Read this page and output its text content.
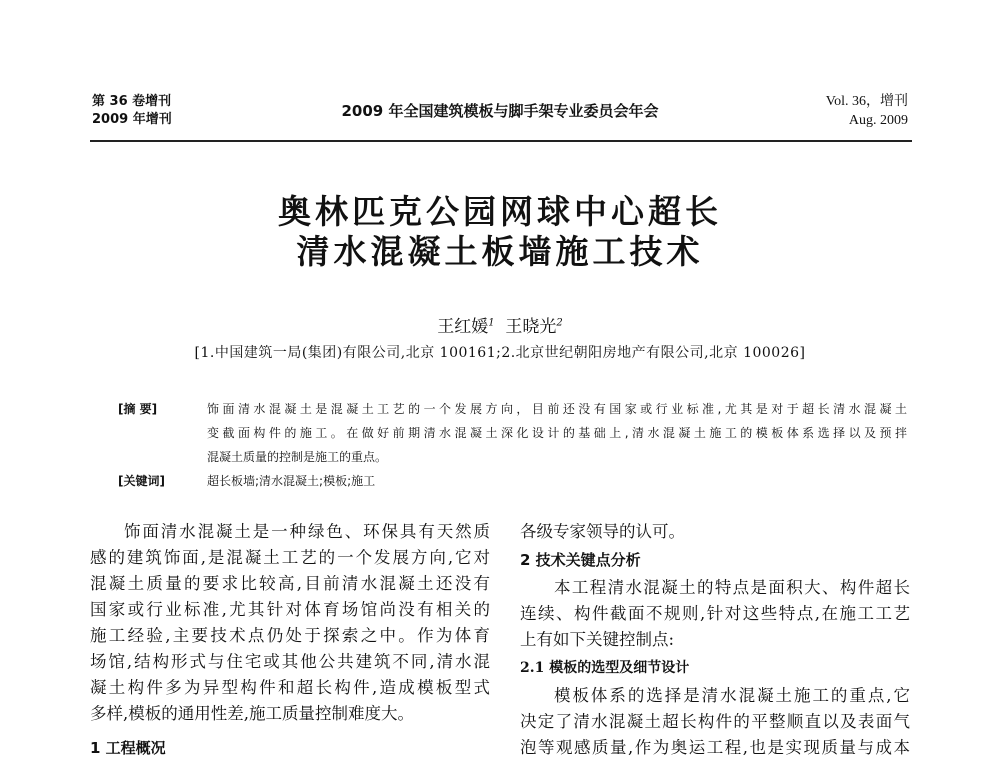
第 36 卷增刊
2009 年增刊	2009 年全国建筑模板与脚手架专业委员会年会
Vol. 36，增刊
Aug. 2009
奥林匹克公园网球中心超长
清水混凝土板墙施工技术
王红媛$^1$ 王晓光$^2$
[1.中国建筑一局(集团)有限公司,北京 100161;2.北京世纪朝阳房地产有限公司,北京 100026]
[摘 要]	饰面清水混凝土是混凝土工艺的一个发展方向，目前还没有国家或行业标准,尤其是对于超长清水混凝土
变截面构件的施工。在做好前期清水混凝土深化设计的基础上,清水混凝土施工的模板体系选择以及预拌
混凝土质量的控制是施工的重点。
[关键词]	超长板墙;清水混凝土;模板;施工
饰面清水混凝土是一种绿色、环保具有天然质
感的建筑饰面,是混凝土工艺的一个发展方向,它对
混凝土质量的要求比较高,目前清水混凝土还没有
国家或行业标准,尤其针对体育场馆尚没有相关的
施工经验,主要技术点仍处于探索之中。作为体育
场馆,结构形式与住宅或其他公共建筑不同,清水混
凝土构件多为异型构件和超长构件,造成模板型式
多样,模板的通用性差,施工质量控制难度大。
1 工程概况
各级专家领导的认可。
2 技术关键点分析
本工程清水混凝土的特点是面积大、构件超长
连续、构件截面不规则,针对这些特点,在施工工艺
上有如下关键控制点:
2.1 模板的选型及细节设计
模板体系的选择是清水混凝土施工的重点,它
决定了清水混凝土超长构件的平整顺直以及表面气
泡等观感质量,作为奥运工程,也是实现质量与成本
